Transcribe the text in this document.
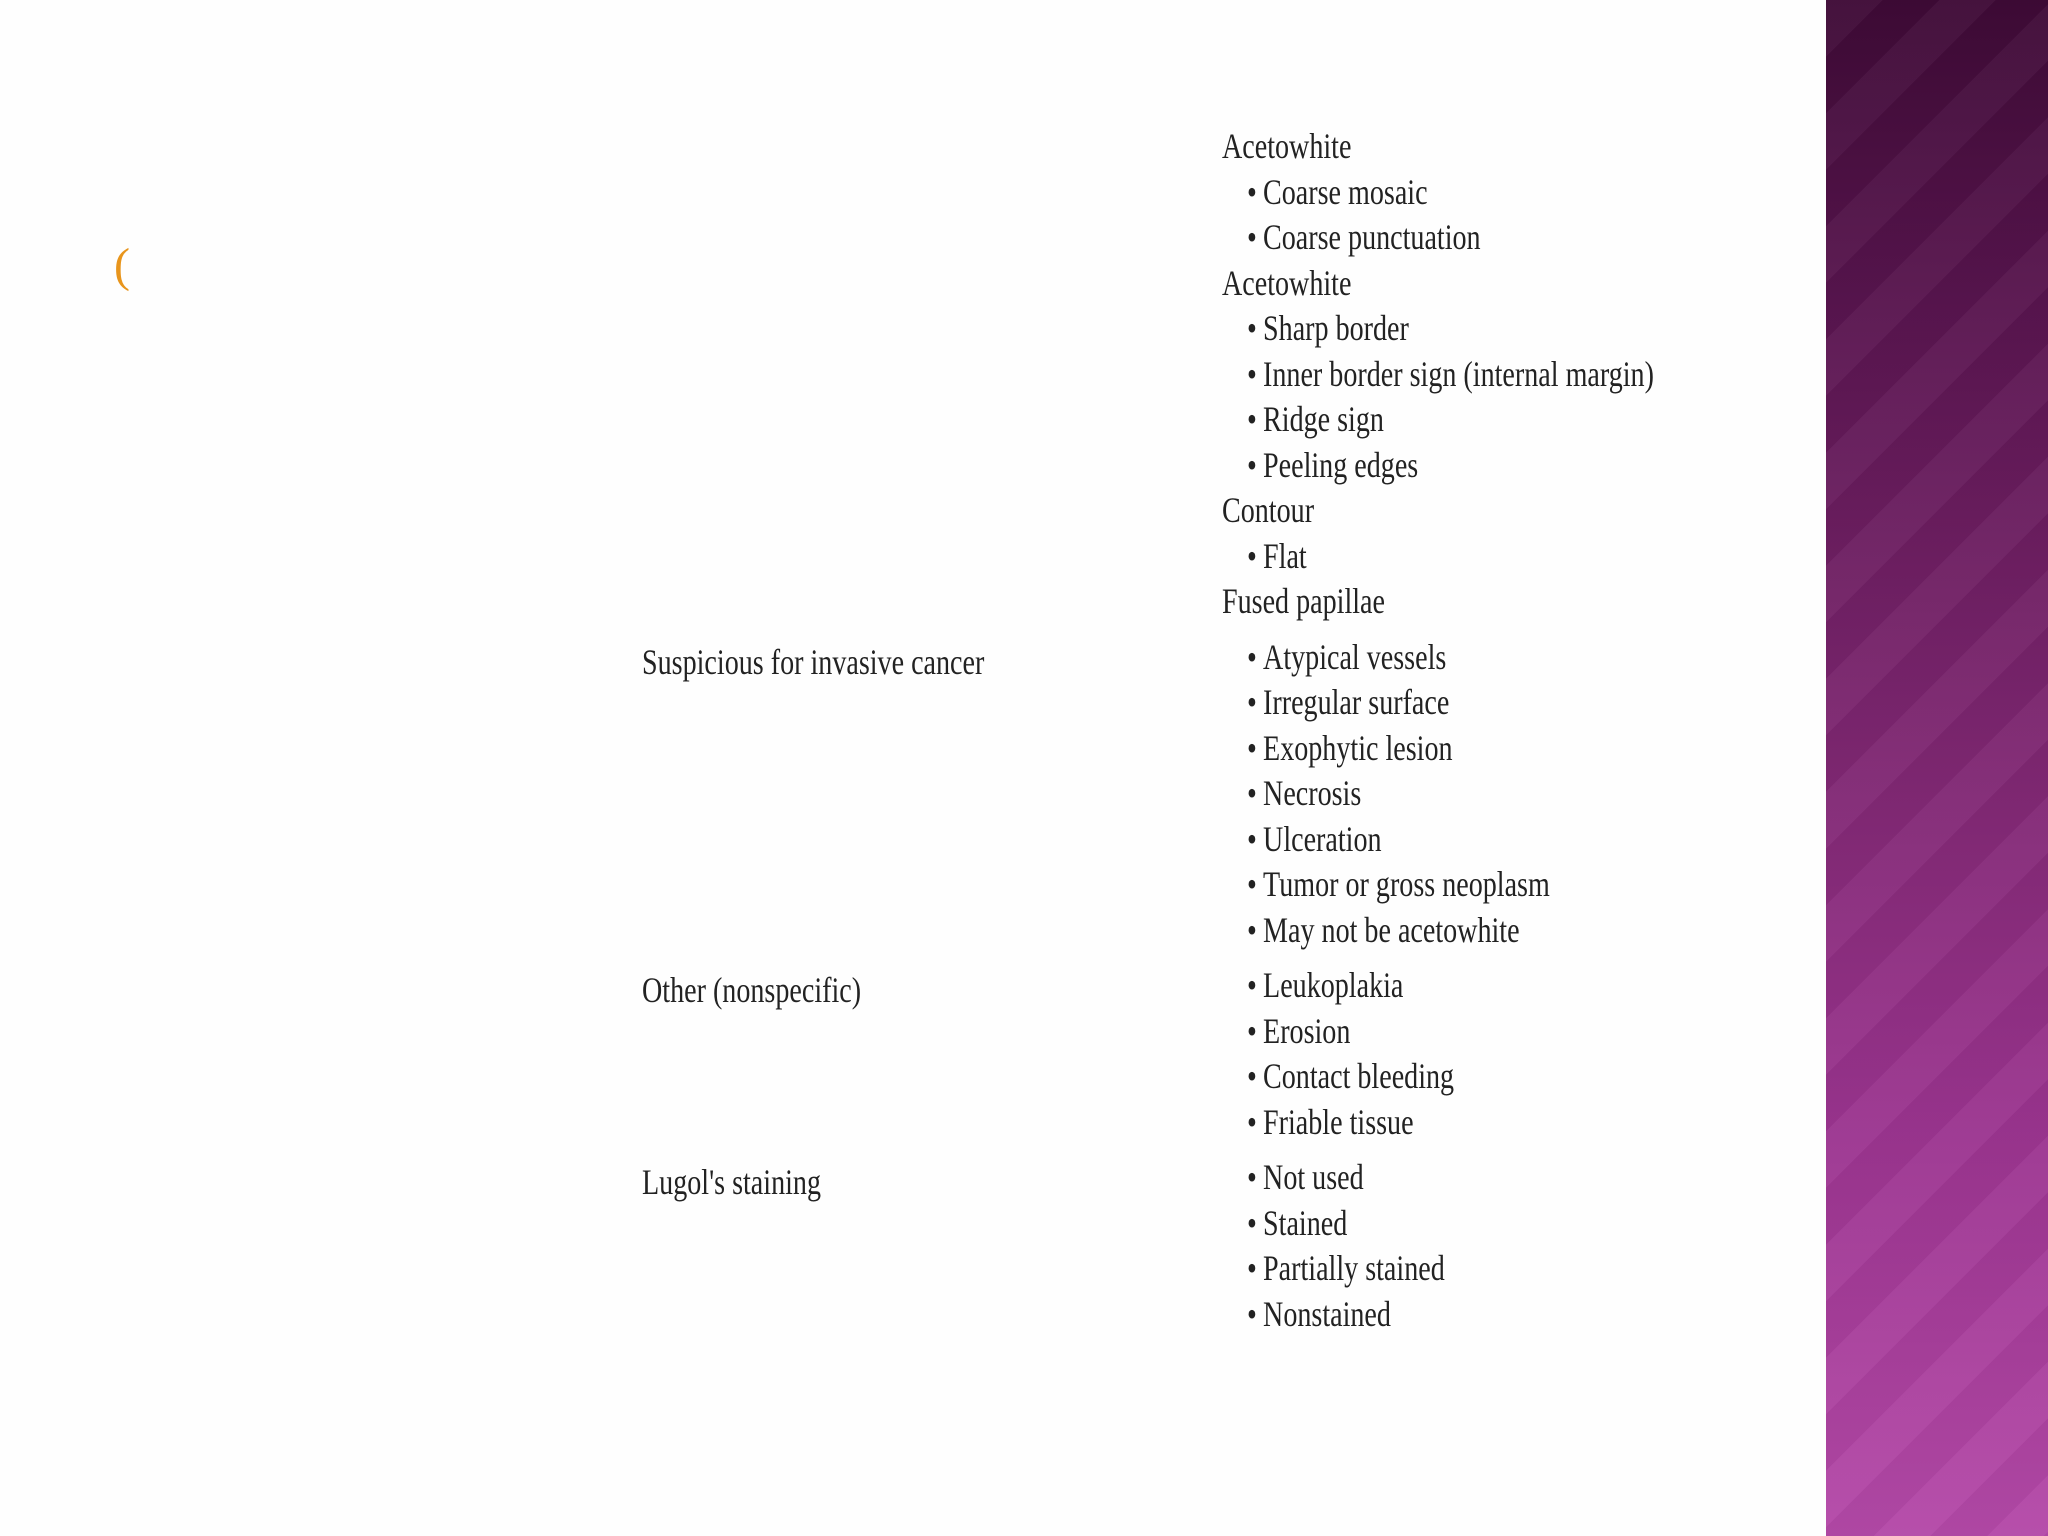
(
Suspicious for invasive cancer
Other (nonspecific)
Lugol's staining
Acetowhite
• Coarse mosaic
• Coarse punctuation
Acetowhite
• Sharp border
• Inner border sign (internal margin)
• Ridge sign
• Peeling edges
Contour
• Flat
Fused papillae
• Atypical vessels
• Irregular surface
• Exophytic lesion
• Necrosis
• Ulceration
• Tumor or gross neoplasm
• May not be acetowhite
• Leukoplakia
• Erosion
• Contact bleeding
• Friable tissue
• Not used
• Stained
• Partially stained
• Nonstained
